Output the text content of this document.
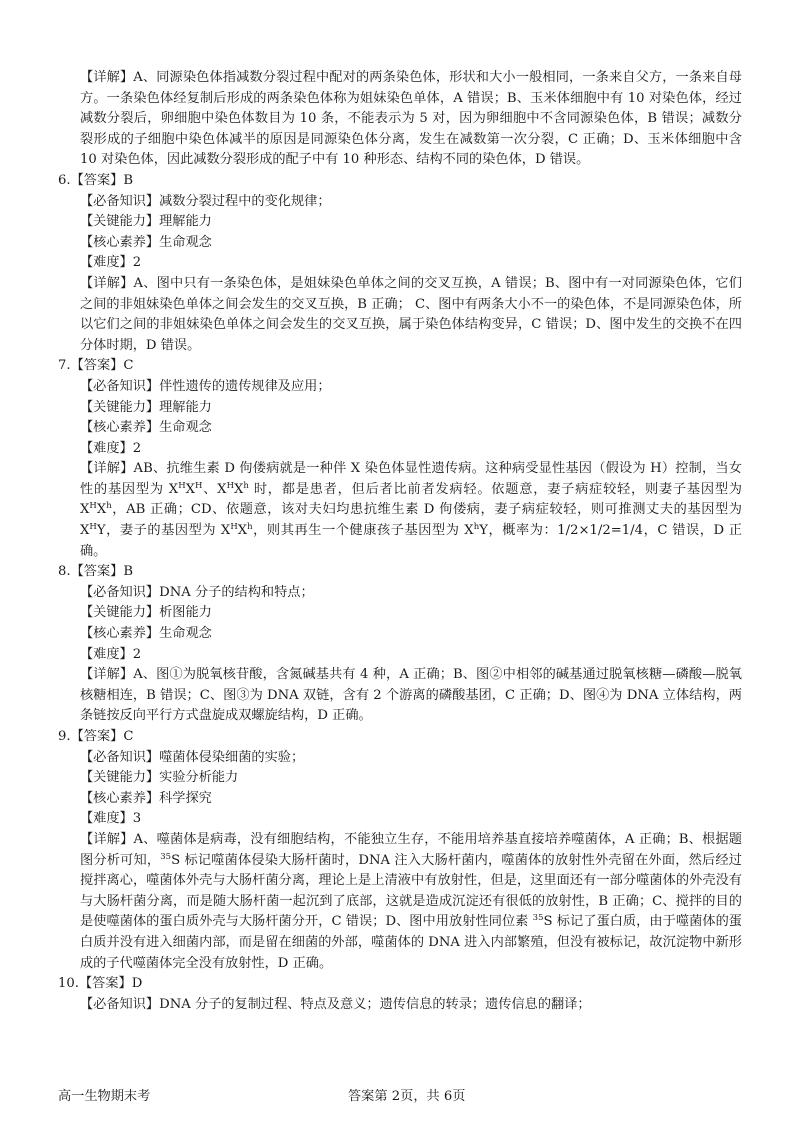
【详解】A、同源染色体指减数分裂过程中配对的两条染色体，形状和大小一般相同，一条来自父方，一条来自母方。一条染色体经复制后形成的两条染色体称为姐妹染色单体，A 错误；B、玉米体细胞中有 10 对染色体，经过减数分裂后，卵细胞中染色体数目为 10 条，不能表示为 5 对，因为卵细胞中不含同源染色体，B 错误；减数分裂形成的子细胞中染色体减半的原因是同源染色体分离，发生在减数第一次分裂，C 正确；D、玉米体细胞中含 10 对染色体，因此减数分裂形成的配子中有 10 种形态、结构不同的染色体，D 错误。

6.【答案】B

【必备知识】减数分裂过程中的变化规律；

【关键能力】理解能力

【核心素养】生命观念

【难度】2

【详解】A、图中只有一条染色体，是姐妹染色单体之间的交叉互换，A 错误；B、图中有一对同源染色体，它们之间的非姐妹染色单体之间会发生的交叉互换，B 正确； C、图中有两条大小不一的染色体，不是同源染色体，所以它们之间的非姐妹染色单体之间会发生的交叉互换，属于染色体结构变异，C 错误；D、图中发生的交换不在四分体时期，D 错误。

7.【答案】C

【必备知识】伴性遗传的遗传规律及应用；

【关键能力】理解能力

【核心素养】生命观念

【难度】2

【详解】AB、抗维生素 D 佝偻病就是一种伴 X 染色体显性遗传病。这种病受显性基因（假设为 H）控制，当女性的基因型为 $X^HX^H$、$X^HX^h$ 时，都是患者，但后者比前者发病轻。依题意，妻子病症较轻，则妻子基因型为 $X^HX^h$，AB 正确；CD、依题意，该对夫妇均患抗维生素 D 佝偻病，妻子病症较轻，则可推测丈夫的基因型为 $X^HY$，妻子的基因型为 $X^HX^h$，则其再生一个健康孩子基因型为 $X^hY$，概率为：1/2×1/2=1/4，C 错误，D 正确。

8.【答案】B

【必备知识】DNA 分子的结构和特点；

【关键能力】析图能力

【核心素养】生命观念

【难度】2

【详解】A、图①为脱氧核苷酸，含氮碱基共有 4 种，A 正确；B、图②中相邻的碱基通过脱氧核糖—磷酸—脱氧核糖相连，B 错误；C、图③为 DNA 双链，含有 2 个游离的磷酸基团，C 正确；D、图④为 DNA 立体结构，两条链按反向平行方式盘旋成双螺旋结构，D 正确。

9.【答案】C

【必备知识】噬菌体侵染细菌的实验；

【关键能力】实验分析能力

【核心素养】科学探究

【难度】3

【详解】A、噬菌体是病毒，没有细胞结构，不能独立生存，不能用培养基直接培养噬菌体，A 正确；B、根据题图分析可知，$^{35}$S 标记噬菌体侵染大肠杆菌时，DNA 注入大肠杆菌内，噬菌体的放射性外壳留在外面，然后经过搅拌离心，噬菌体外壳与大肠杆菌分离，理论上是上清液中有放射性，但是，这里面还有一部分噬菌体的外壳没有与大肠杆菌分离，而是随大肠杆菌一起沉到了底部，这就是造成沉淀还有很低的放射性，B 正确；C、搅拌的目的是使噬菌体的蛋白质外壳与大肠杆菌分开，C 错误；D、图中用放射性同位素 $^{35}$S 标记了蛋白质，由于噬菌体的蛋白质并没有进入细菌内部，而是留在细菌的外部，噬菌体的 DNA 进入内部繁殖，但没有被标记，故沉淀物中新形成的子代噬菌体完全没有放射性，D 正确。

10.【答案】D

【必备知识】DNA 分子的复制过程、特点及意义；遗传信息的转录；遗传信息的翻译；

高一生物期末考	答案第 2页，共 6页
